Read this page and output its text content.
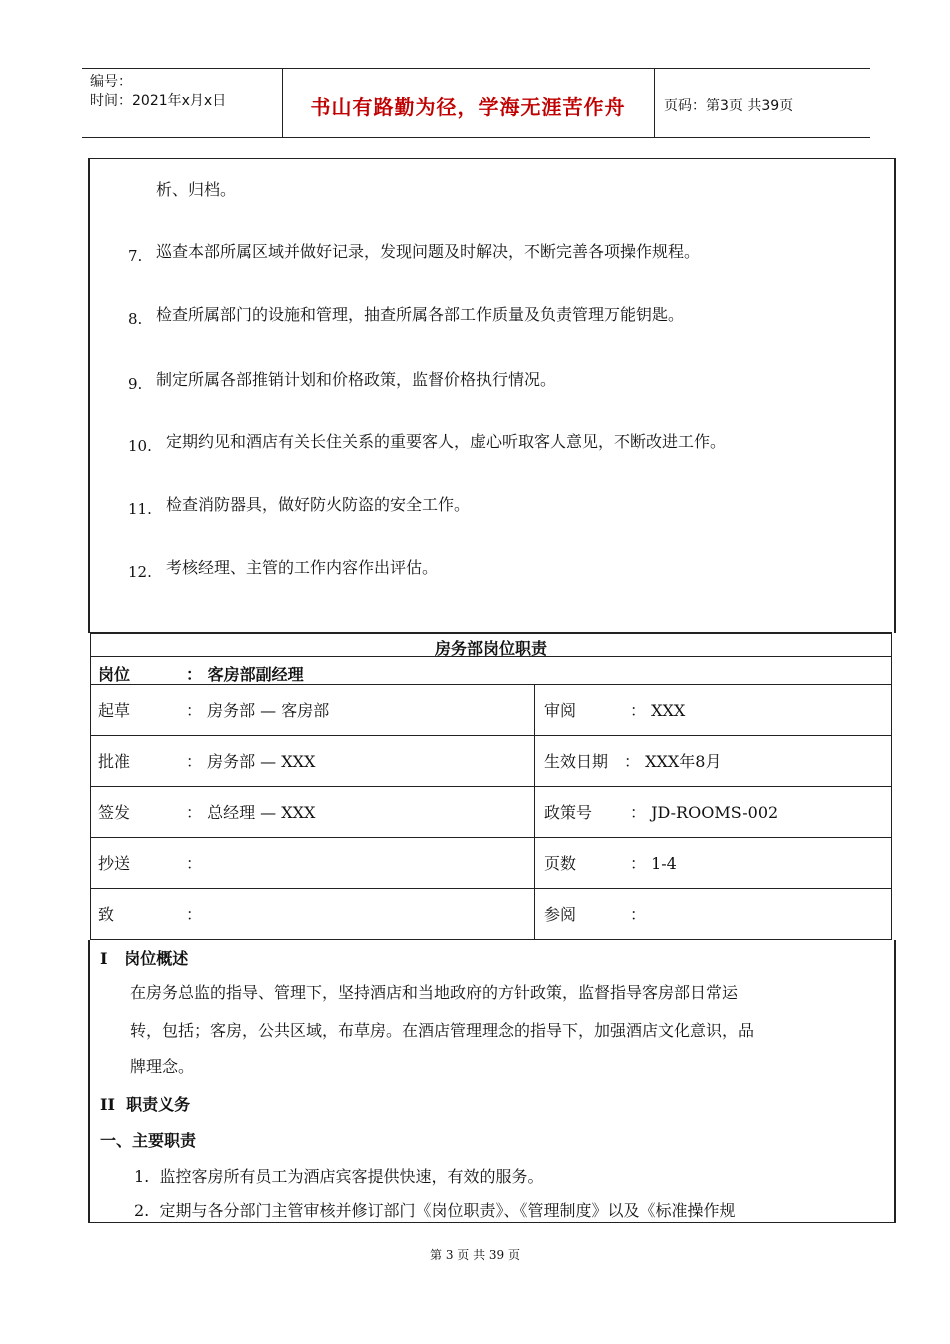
编号：
时间：2021年x月x日	书山有路勤为径，学海无涯苦作舟	页码：第3页 共39页
析、归档。
7. 巡查本部所属区域并做好记录，发现问题及时解决，不断完善各项操作规程。
8. 检查所属部门的设施和管理，抽查所属各部工作质量及负责管理万能钥匙。
9. 制定所属各部推销计划和价格政策，监督价格执行情况。
10. 定期约见和酒店有关长住关系的重要客人，虚心听取客人意见，不断改进工作。
11. 检查消防器具，做好防火防盗的安全工作。
12. 考核经理、主管的工作内容作出评估。
房务部岗位职责
岗位	： 客房部副经理
起草	： 房务部 — 客房部	审阅	： XXX
批准	： 房务部 — XXX	生效日期 ： XXX年8月
签发	： 总经理 — XXX	政策号 ： JD-ROOMS-002
抄送	：	页数	： 1-4
致	：	参阅	：
I   岗位概述
在房务总监的指导、管理下，坚持酒店和当地政府的方针政策，监督指导客房部日常运
转，包括；客房，公共区域，布草房。在酒店管理理念的指导下，加强酒店文化意识，品
牌理念。
II  职责义务
一、主要职责
1.  监控客房所有员工为酒店宾客提供快速，有效的服务。
2.  定期与各分部门主管审核并修订部门《岗位职责》、《管理制度》以及《标准操作规
第 3 页 共 39 页
